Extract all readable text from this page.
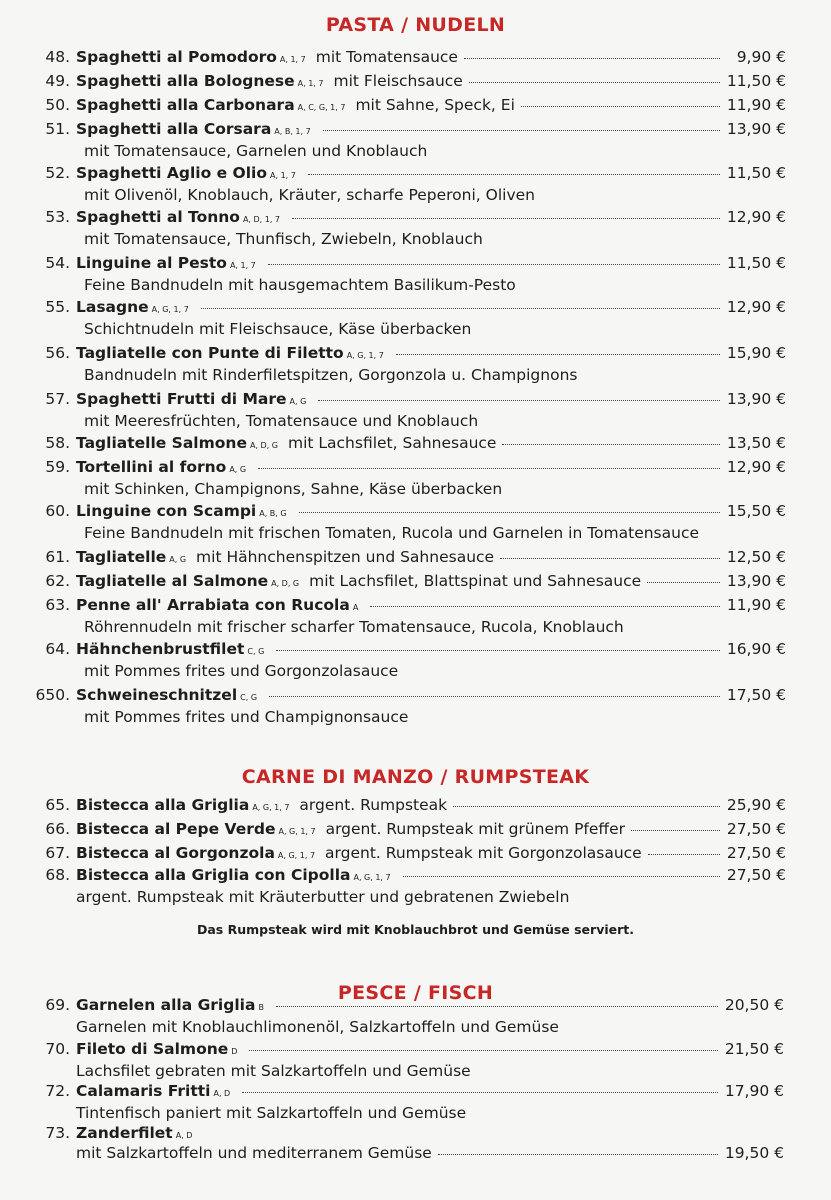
PASTA / NUDELN
48. Spaghetti al Pomodoro A, 1, 7 mit Tomatensauce	9,90 €
49. Spaghetti alla Bolognese A, 1, 7 mit Fleischsauce	11,50 €
50. Spaghetti alla Carbonara A, C, G, 1, 7 mit Sahne, Speck, Ei	11,90 €
51. Spaghetti alla Corsara A, B, 1, 7	13,90 €
mit Tomatensauce, Garnelen und Knoblauch
52. Spaghetti Aglio e Olio A, 1, 7	11,50 €
mit Olivenöl, Knoblauch, Kräuter, scharfe Peperoni, Oliven
53. Spaghetti al Tonno A, D, 1, 7	12,90 €
mit Tomatensauce, Thunfisch, Zwiebeln, Knoblauch
54. Linguine al Pesto A, 1, 7	11,50 €
Feine Bandnudeln mit hausgemachtem Basilikum-Pesto
55. Lasagne A, G, 1, 7	12,90 €
Schichtnudeln mit Fleischsauce, Käse überbacken
56. Tagliatelle con Punte di Filetto A, G, 1, 7	15,90 €
Bandnudeln mit Rinderfiletspitzen, Gorgonzola u. Champignons
57. Spaghetti Frutti di Mare A, G	13,90 €
mit Meeresfrüchten, Tomatensauce und Knoblauch
58. Tagliatelle Salmone A, D, G mit Lachsfilet, Sahnesauce	13,50 €
59. Tortellini al forno A, G	12,90 €
mit Schinken, Champignons, Sahne, Käse überbacken
60. Linguine con Scampi A, B, G	15,50 €
Feine Bandnudeln mit frischen Tomaten, Rucola und Garnelen in Tomatensauce
61. Tagliatelle A, G mit Hähnchenspitzen und Sahnesauce	12,50 €
62. Tagliatelle al Salmone A, D, G mit Lachsfilet, Blattspinat und Sahnesauce	13,90 €
63. Penne all' Arrabiata con Rucola A	11,90 €
Röhrennudeln mit frischer scharfer Tomatensauce, Rucola, Knoblauch
64. Hähnchenbrustfilet C, G	16,90 €
mit Pommes frites und Gorgonzolasauce
650. Schweineschnitzel C, G	17,50 €
mit Pommes frites und Champignonsauce
CARNE DI MANZO / RUMPSTEAK
65. Bistecca alla Griglia A, G, 1, 7 argent. Rumpsteak	25,90 €
66. Bistecca al Pepe Verde A, G, 1, 7 argent. Rumpsteak mit grünem Pfeffer	27,50 €
67. Bistecca al Gorgonzola A, G, 1, 7 argent. Rumpsteak mit Gorgonzolasauce	27,50 €
68. Bistecca alla Griglia con Cipolla A, G, 1, 7	27,50 €
argent. Rumpsteak mit Kräuterbutter und gebratenen Zwiebeln
Das Rumpsteak wird mit Knoblauchbrot und Gemüse serviert.
PESCE / FISCH
69. Garnelen alla Griglia B	20,50 €
Garnelen mit Knoblauchlimonenöl, Salzkartoffeln und Gemüse
70. Fileto di Salmone D	21,50 €
Lachsfilet gebraten mit Salzkartoffeln und Gemüse
72. Calamaris Fritti A, D	17,90 €
Tintenfisch paniert mit Salzkartoffeln und Gemüse
73. Zanderfilet A, D
mit Salzkartoffeln und mediterranem Gemüse	19,50 €
